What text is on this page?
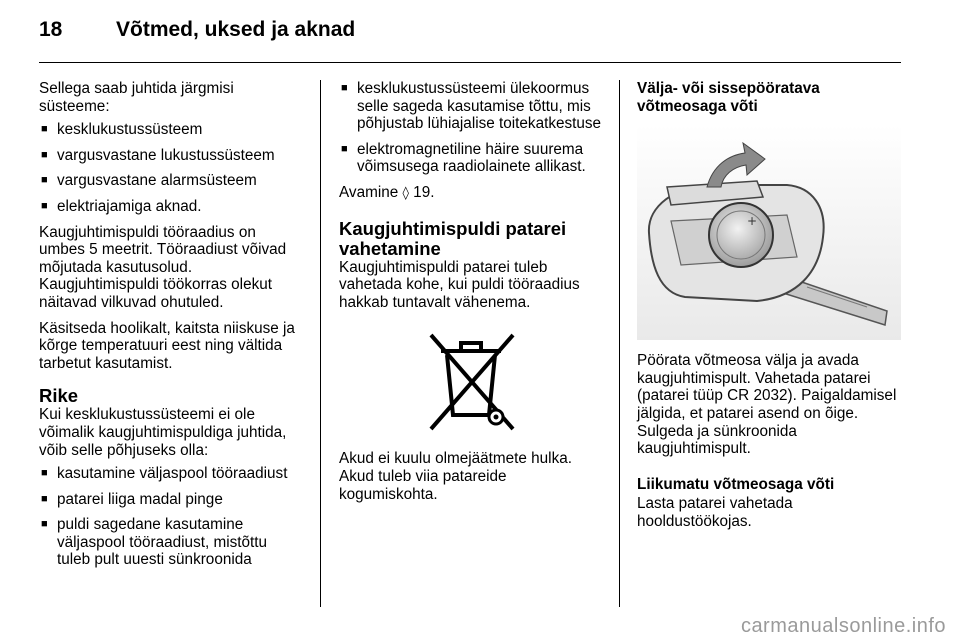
18	Võtmed, uksed ja aknad

Sellega saab juhtida järgmisi süsteeme:

■ kesklukustussüsteem
■ vargusvastane lukustussüsteem
■ vargusvastane alarmsüsteem
■ elektriajamiga aknad.

Kaugjuhtimispuldi tööraadius on umbes 5 meetrit. Tööraadiust võivad mõjutada kasutusolud.

Kaugjuhtimispuldi töökorras olekut näitavad vilkuvad ohutuled.

Käsitseda hoolikalt, kaitsta niiskuse ja kõrge temperatuuri eest ning vältida tarbetut kasutamist.

Rike

Kui kesklukustussüsteemi ei ole võimalik kaugjuhtimispuldiga juhtida, võib selle põhjuseks olla:

■ kasutamine väljaspool tööraadiust
■ patarei liiga madal pinge
■ puldi sagedane kasutamine väljaspool tööraadiust, mistõttu tuleb pult uuesti sünkroonida
■ kesklukustussüsteemi ülekoormus selle sageda kasutamise tõttu, mis põhjustab lühiajalise toitekatkestuse
■ elektromagnetiline häire suurema võimsusega raadiolainete allikast.

Avamine ◊ 19.

Kaugjuhtimispuldi patarei vahetamine

Kaugjuhtimispuldi patarei tuleb vahetada kohe, kui puldi tööraadius hakkab tuntavalt vähenema.

Akud ei kuulu olmejäätmete hulka. Akud tuleb viia patareide kogumiskohta.

Välja- või sissepööratava võtmeosaga võti
+

Pöörata võtmeosa välja ja avada kaugjuhtimispult. Vahetada patarei (patarei tüüp CR 2032). Paigaldamisel jälgida, et patarei asend on õige. Sulgeda ja sünkroonida kaugjuhtimispult.

Liikumatu võtmeosaga võti

Lasta patarei vahetada hooldustöökojas.

carmanualsonline.info
